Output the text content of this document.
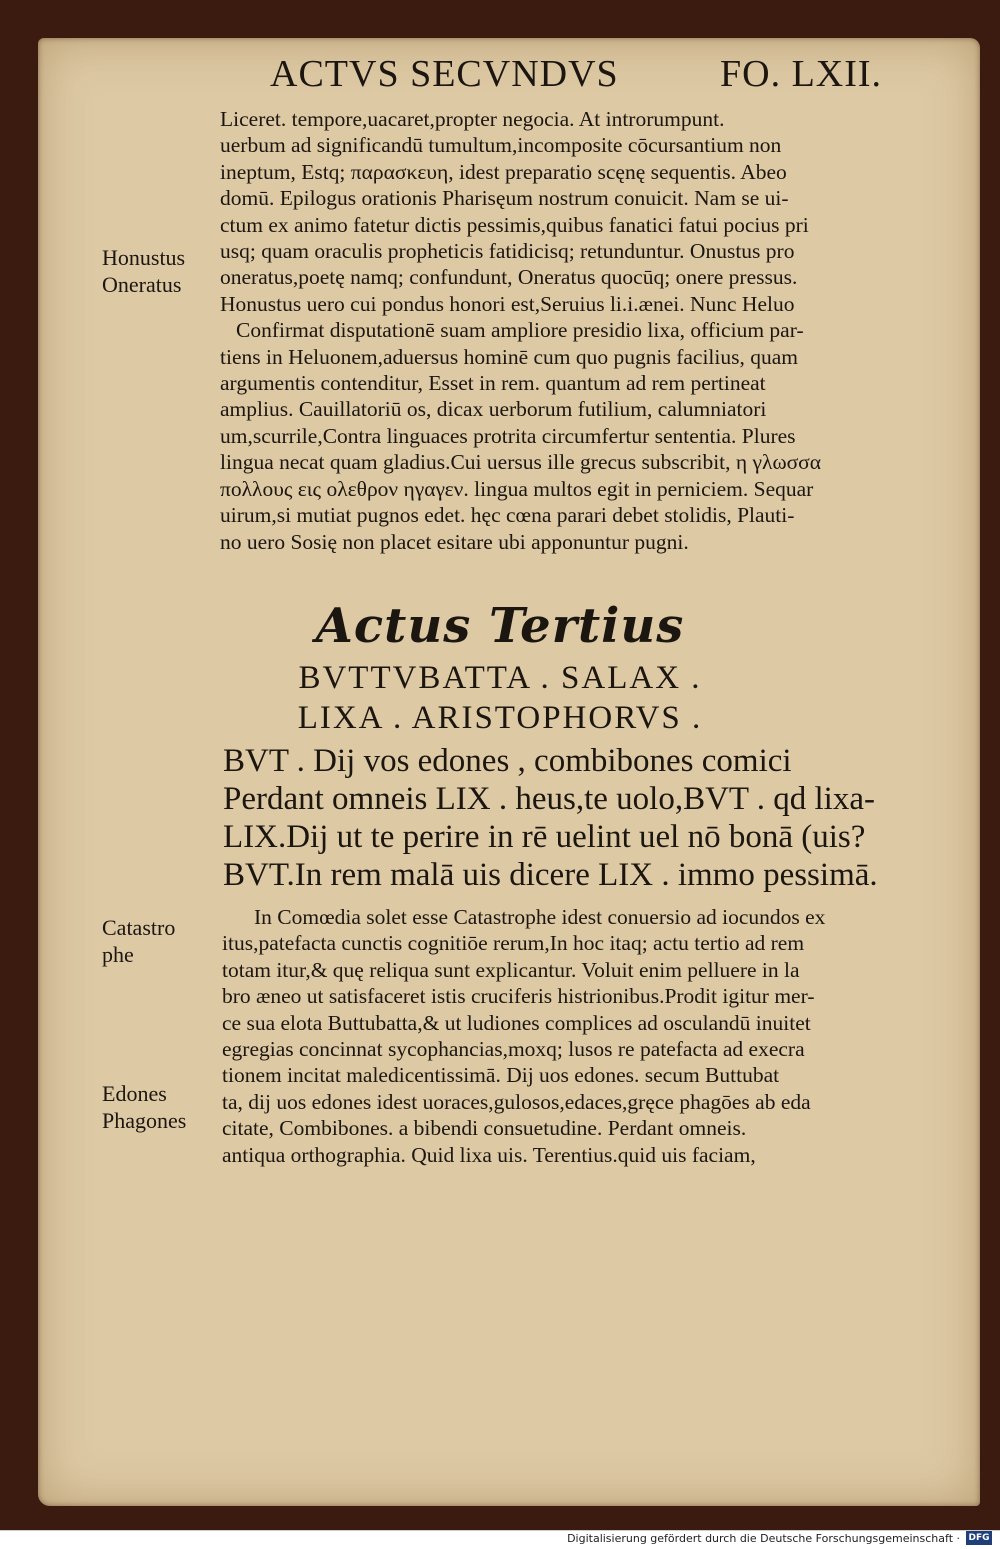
ACTVS SECVNDVS	FO. LXII.
Honustus
Oneratus
Liceret. tempore,uacaret,propter negocia. At introrumpunt.
uerbum ad significandū tumultum,incomposite cōcursantium non
ineptum, Estq; παρασκευη, idest preparatio scęnę sequentis. Abeo
domū. Epilogus orationis Pharisęum nostrum conuicit. Nam se ui-
ctum ex animo fatetur dictis pessimis,quibus fanatici fatui pocius pri
usq; quam oraculis propheticis fatidicisq; retunduntur. Onustus pro
oneratus,poetę namq; confundunt, Oneratus quocūq; onere pressus.
Honustus uero cui pondus honori est,Seruius li.i.ænei. Nunc Heluo
Confirmat disputationē suam ampliore presidio lixa, officium par-
tiens in Heluonem,aduersus hominē cum quo pugnis facilius, quam
argumentis contenditur, Esset in rem. quantum ad rem pertineat
amplius. Cauillatoriū os, dicax uerborum futilium, calumniatori
um,scurrile,Contra linguaces protrita circumfertur sententia. Plures
lingua necat quam gladius.Cui uersus ille grecus subscribit, η γλωσσα
πολλους εις ολεθρον ηγαγεν. lingua multos egit in perniciem. Sequar
uirum,si mutiat pugnos edet. hęc cœna parari debet stolidis, Plauti-
no uero Sosię non placet esitare ubi apponuntur pugni.
Actus Tertius
BVTTVBATTA . SALAX .
LIXA . ARISTOPHORVS .
BVT . Dij vos edones , combibones comici
Perdant omneis LIX . heus,te uolo,BVT . qd lixa-
LIX.Dij ut te perire in rē uelint uel nō bonā (uis?
BVT.In rem malā uis dicere LIX . immo pessimā.
Catastro
phe
Edones
Phagones
In Comœdia solet esse Catastrophe idest conuersio ad iocundos ex
itus,patefacta cunctis cognitiōe rerum,In hoc itaq; actu tertio ad rem
totam itur,& quę reliqua sunt explicantur. Voluit enim pelluere in la
bro æneo ut satisfaceret istis cruciferis histrionibus.Prodit igitur mer-
ce sua elota Buttubatta,& ut ludiones complices ad osculandū inuitet
egregias concinnat sycophancias,moxq; lusos re patefacta ad execra
tionem incitat maledicentissimā. Dij uos edones. secum Buttubat
ta, dij uos edones idest uoraces,gulosos,edaces,gręce phagōes ab eda
citate, Combibones. a bibendi consuetudine. Perdant omneis.
antiqua orthographia. Quid lixa uis. Terentius.quid uis faciam,
Digitalisierung gefördert durch die Deutsche Forschungsgemeinschaft · DFG
